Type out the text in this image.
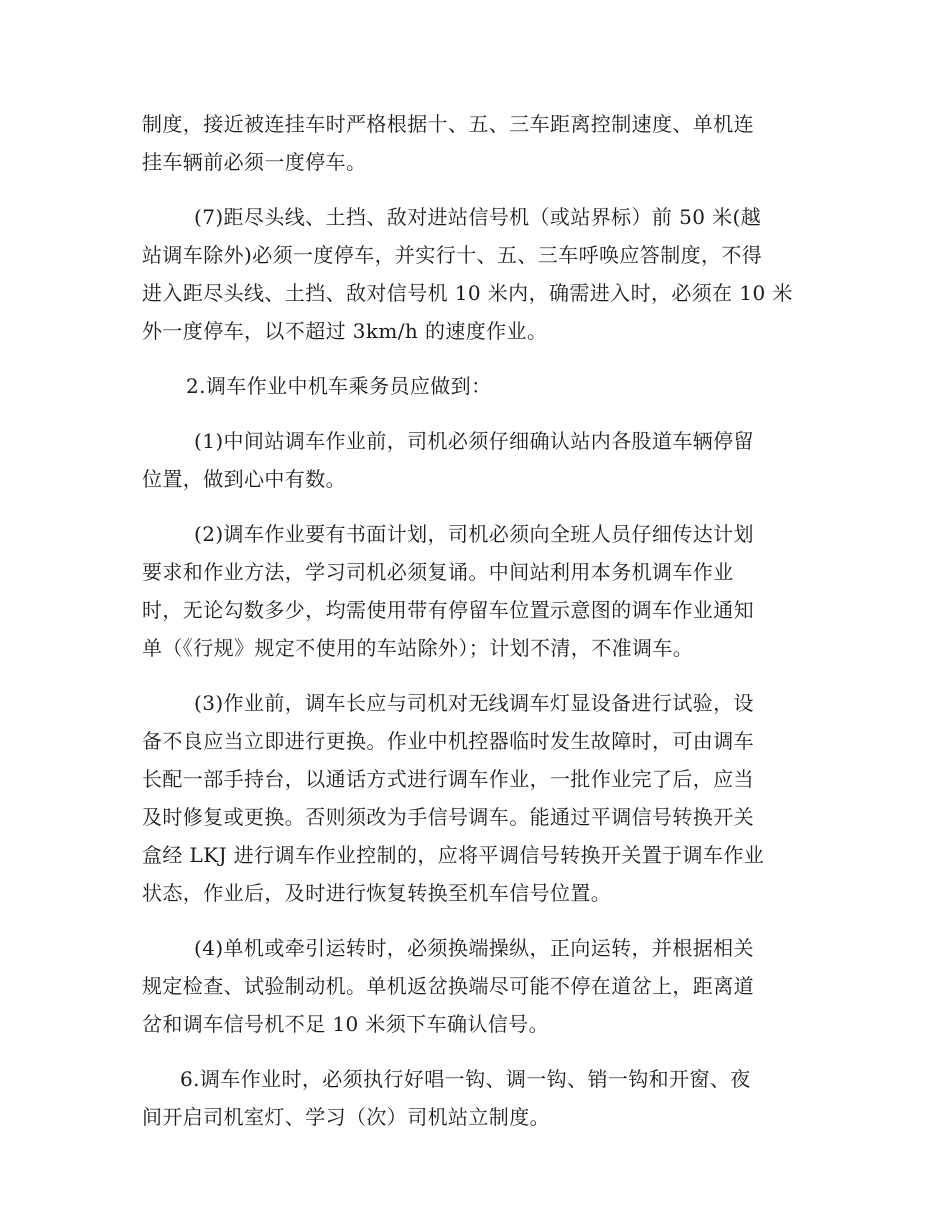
制度，接近被连挂车时严格根据十、五、三车距离控制速度、单机连
挂车辆前必须一度停车。

(7)距尽头线、土挡、敌对进站信号机（或站界标）前 50 米(越
站调车除外)必须一度停车，并实行十、五、三车呼唤应答制度，不得
进入距尽头线、土挡、敌对信号机 10 米内，确需进入时，必须在 10 米
外一度停车，以不超过 3km/h 的速度作业。

2.调车作业中机车乘务员应做到：

(1)中间站调车作业前，司机必须仔细确认站内各股道车辆停留
位置，做到心中有数。

(2)调车作业要有书面计划，司机必须向全班人员仔细传达计划
要求和作业方法，学习司机必须复诵。中间站利用本务机调车作业
时，无论勾数多少，均需使用带有停留车位置示意图的调车作业通知
单（《行规》规定不使用的车站除外）；计划不清，不准调车。

(3)作业前，调车长应与司机对无线调车灯显设备进行试验，设
备不良应当立即进行更换。作业中机控器临时发生故障时，可由调车
长配一部手持台，以通话方式进行调车作业，一批作业完了后，应当
及时修复或更换。否则须改为手信号调车。能通过平调信号转换开关
盒经 LKJ 进行调车作业控制的，应将平调信号转换开关置于调车作业
状态，作业后，及时进行恢复转换至机车信号位置。

(4)单机或牵引运转时，必须换端操纵，正向运转，并根据相关
规定检查、试验制动机。单机返岔换端尽可能不停在道岔上，距离道
岔和调车信号机不足 10 米须下车确认信号。

6.调车作业时，必须执行好唱一钩、调一钩、销一钩和开窗、夜
间开启司机室灯、学习（次）司机站立制度。
